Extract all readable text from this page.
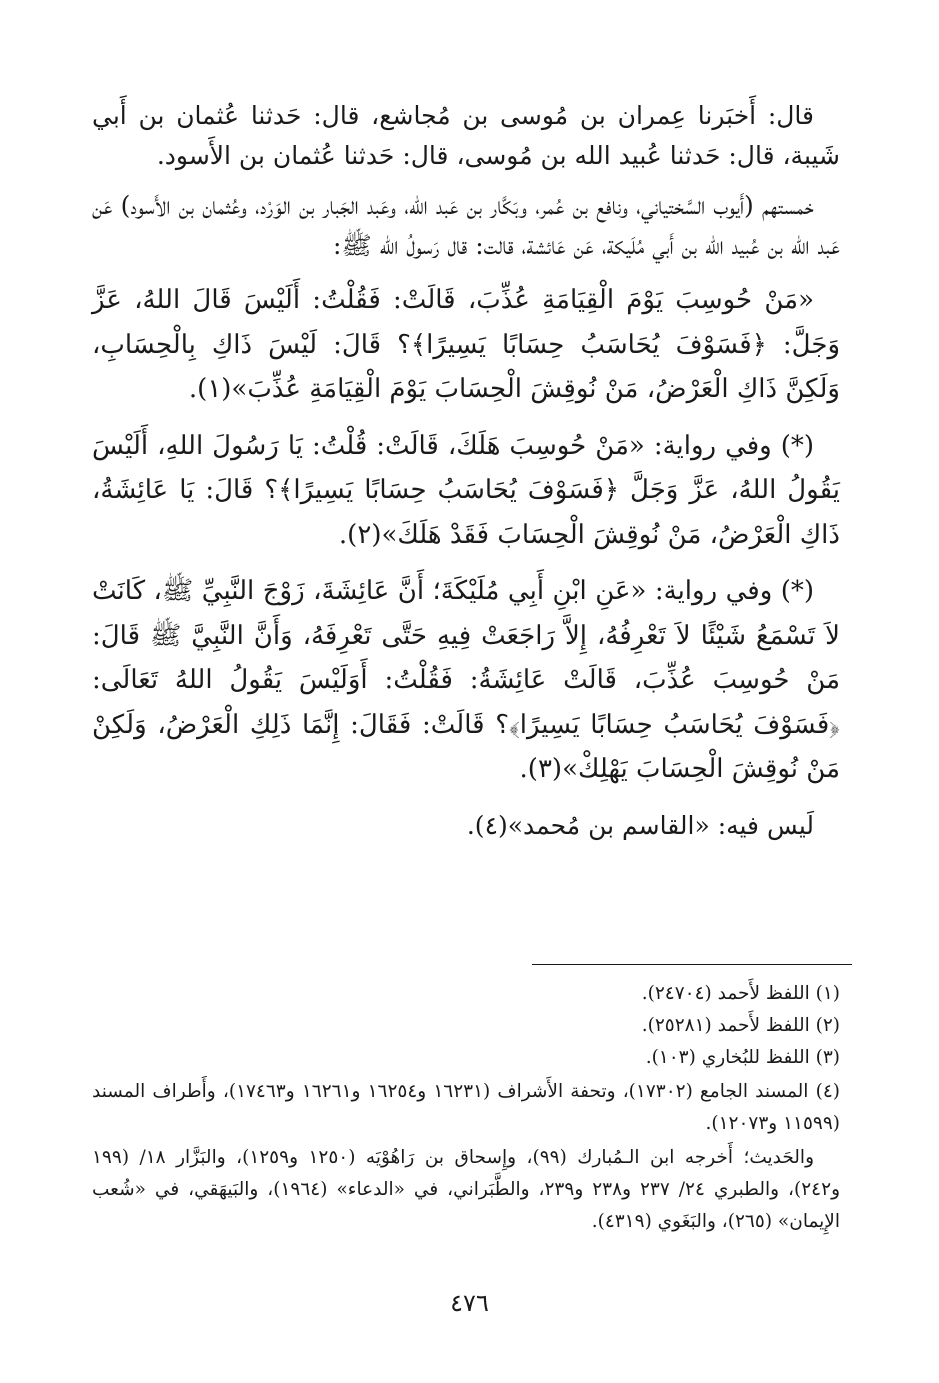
قال: أَخبَرنا عِمران بن مُوسى بن مُجاشع، قال: حَدثنا عُثمان بن أَبي شَيبة، قال: حَدثنا عُبيد الله بن مُوسى، قال: حَدثنا عُثمان بن الأَسود.

خمستهم (أَيوب السَّختياني، ونافع بن عُمر، وبَكَّار بن عَبد الله، وعَبد الجَبار بن الوَرْد، وعُثمان بن الأَسود) عَن عَبد الله بن عُبيد الله بن أَبي مُلَيكة، عَن عَائشة، قالت: قال رَسولُ الله ﷺ:

«مَنْ حُوسِبَ يَوْمَ الْقِيَامَةِ عُذِّبَ، قَالَتْ: فَقُلْتُ: أَلَيْسَ قَالَ اللهُ، عَزَّ وَجَلَّ: ﴿فَسَوْفَ يُحَاسَبُ حِسَابًا يَسِيرًا﴾؟ قَالَ: لَيْسَ ذَاكِ بِالْحِسَابِ، وَلَكِنَّ ذَاكِ الْعَرْضُ، مَنْ نُوقِشَ الْحِسَابَ يَوْمَ الْقِيَامَةِ عُذِّبَ»(١).

(*) وفي رواية: «مَنْ حُوسِبَ هَلَكَ، قَالَتْ: قُلْتُ: يَا رَسُولَ اللهِ، أَلَيْسَ يَقُولُ اللهُ، عَزَّ وَجَلَّ ﴿فَسَوْفَ يُحَاسَبُ حِسَابًا يَسِيرًا﴾؟ قَالَ: يَا عَائِشَةُ، ذَاكِ الْعَرْضُ، مَنْ نُوقِشَ الْحِسَابَ فَقَدْ هَلَكَ»(٢).

(*) وفي رواية: «عَنِ ابْنِ أَبِي مُلَيْكَةَ؛ أَنَّ عَائِشَةَ، زَوْجَ النَّبِيِّ ﷺ، كَانَتْ لاَ تَسْمَعُ شَيْئًا لاَ تَعْرِفُهُ، إِلاَّ رَاجَعَتْ فِيهِ حَتَّى تَعْرِفَهُ، وَأَنَّ النَّبِيَّ ﷺ قَالَ: مَنْ حُوسِبَ عُذِّبَ، قَالَتْ عَائِشَةُ: فَقُلْتُ: أَوَلَيْسَ يَقُولُ اللهُ تَعَالَى: ﴿فَسَوْفَ يُحَاسَبُ حِسَابًا يَسِيرًا﴾؟ قَالَتْ: فَقَالَ: إِنَّمَا ذَلِكِ الْعَرْضُ، وَلَكِنْ مَنْ نُوقِشَ الْحِسَابَ يَهْلِكْ»(٣).

لَيس فيه: «القاسم بن مُحمد»(٤).

(١) اللفظ لأَحمد (٢٤٧٠٤).

(٢) اللفظ لأَحمد (٢٥٢٨١).

(٣) اللفظ للبُخاري (١٠٣).

(٤) المسند الجامع (١٧٣٠٢)، وتحفة الأَشراف (١٦٢٣١ و١٦٢٥٤ و١٦٢٦١ و١٧٤٦٣)، وأَطراف المسند (١١٥٩٩ و١٢٠٧٣).

والحَديث؛ أَخرجه ابن الـمُبارك (٩٩)، وإِسحاق بن رَاهُوْيَه (١٢٥٠ و١٢٥٩)، والبَزَّار ١٨/ (١٩٩ و٢٤٢)، والطبري ٢٤/ ٢٣٧ و٢٣٨ و٢٣٩، والطَّبَراني، في «الدعاء» (١٩٦٤)، والبَيهَقي، في «شُعب الإِيمان» (٢٦٥)، والبَغَوي (٤٣١٩).

٤٧٦
